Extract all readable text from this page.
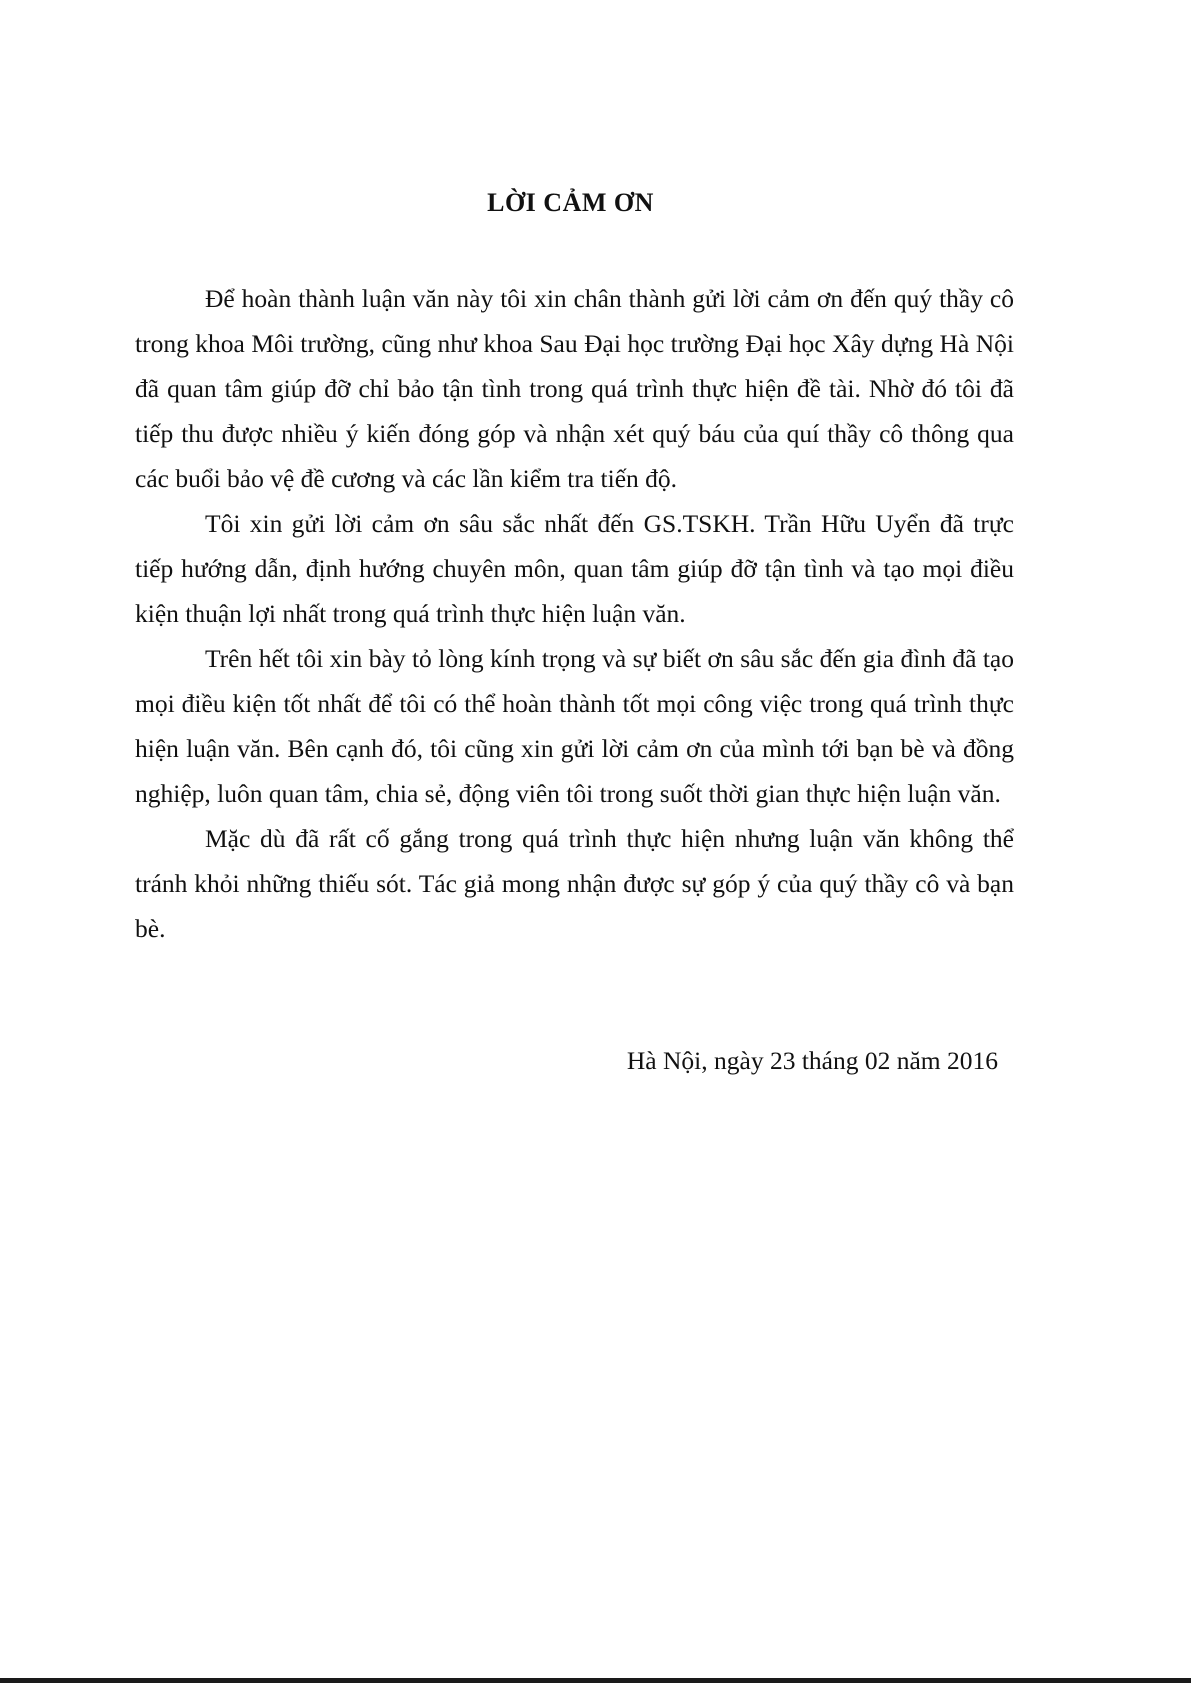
LỜI CẢM ƠN

Để hoàn thành luận văn này tôi xin chân thành gửi lời cảm ơn đến quý thầy cô trong khoa Môi trường, cũng như khoa Sau Đại học trường Đại học Xây dựng Hà Nội đã quan tâm giúp đỡ chỉ bảo tận tình trong quá trình thực hiện đề tài. Nhờ đó tôi đã tiếp thu được nhiều ý kiến đóng góp và nhận xét quý báu của quí thầy cô thông qua các buổi bảo vệ đề cương và các lần kiểm tra tiến độ.

Tôi xin gửi lời cảm ơn sâu sắc nhất đến GS.TSKH. Trần Hữu Uyển đã trực tiếp hướng dẫn, định hướng chuyên môn, quan tâm giúp đỡ tận tình và tạo mọi điều kiện thuận lợi nhất trong quá trình thực hiện luận văn.

Trên hết tôi xin bày tỏ lòng kính trọng và sự biết ơn sâu sắc đến gia đình đã tạo mọi điều kiện tốt nhất để tôi có thể hoàn thành tốt mọi công việc trong quá trình thực hiện luận văn. Bên cạnh đó, tôi cũng xin gửi lời cảm ơn của mình tới bạn bè và đồng nghiệp, luôn quan tâm, chia sẻ, động viên tôi trong suốt thời gian thực hiện luận văn.

Mặc dù đã rất cố gắng trong quá trình thực hiện nhưng luận văn không thể tránh khỏi những thiếu sót. Tác giả mong nhận được sự góp ý của quý thầy cô và bạn bè.

Hà Nội, ngày 23 tháng 02 năm 2016
